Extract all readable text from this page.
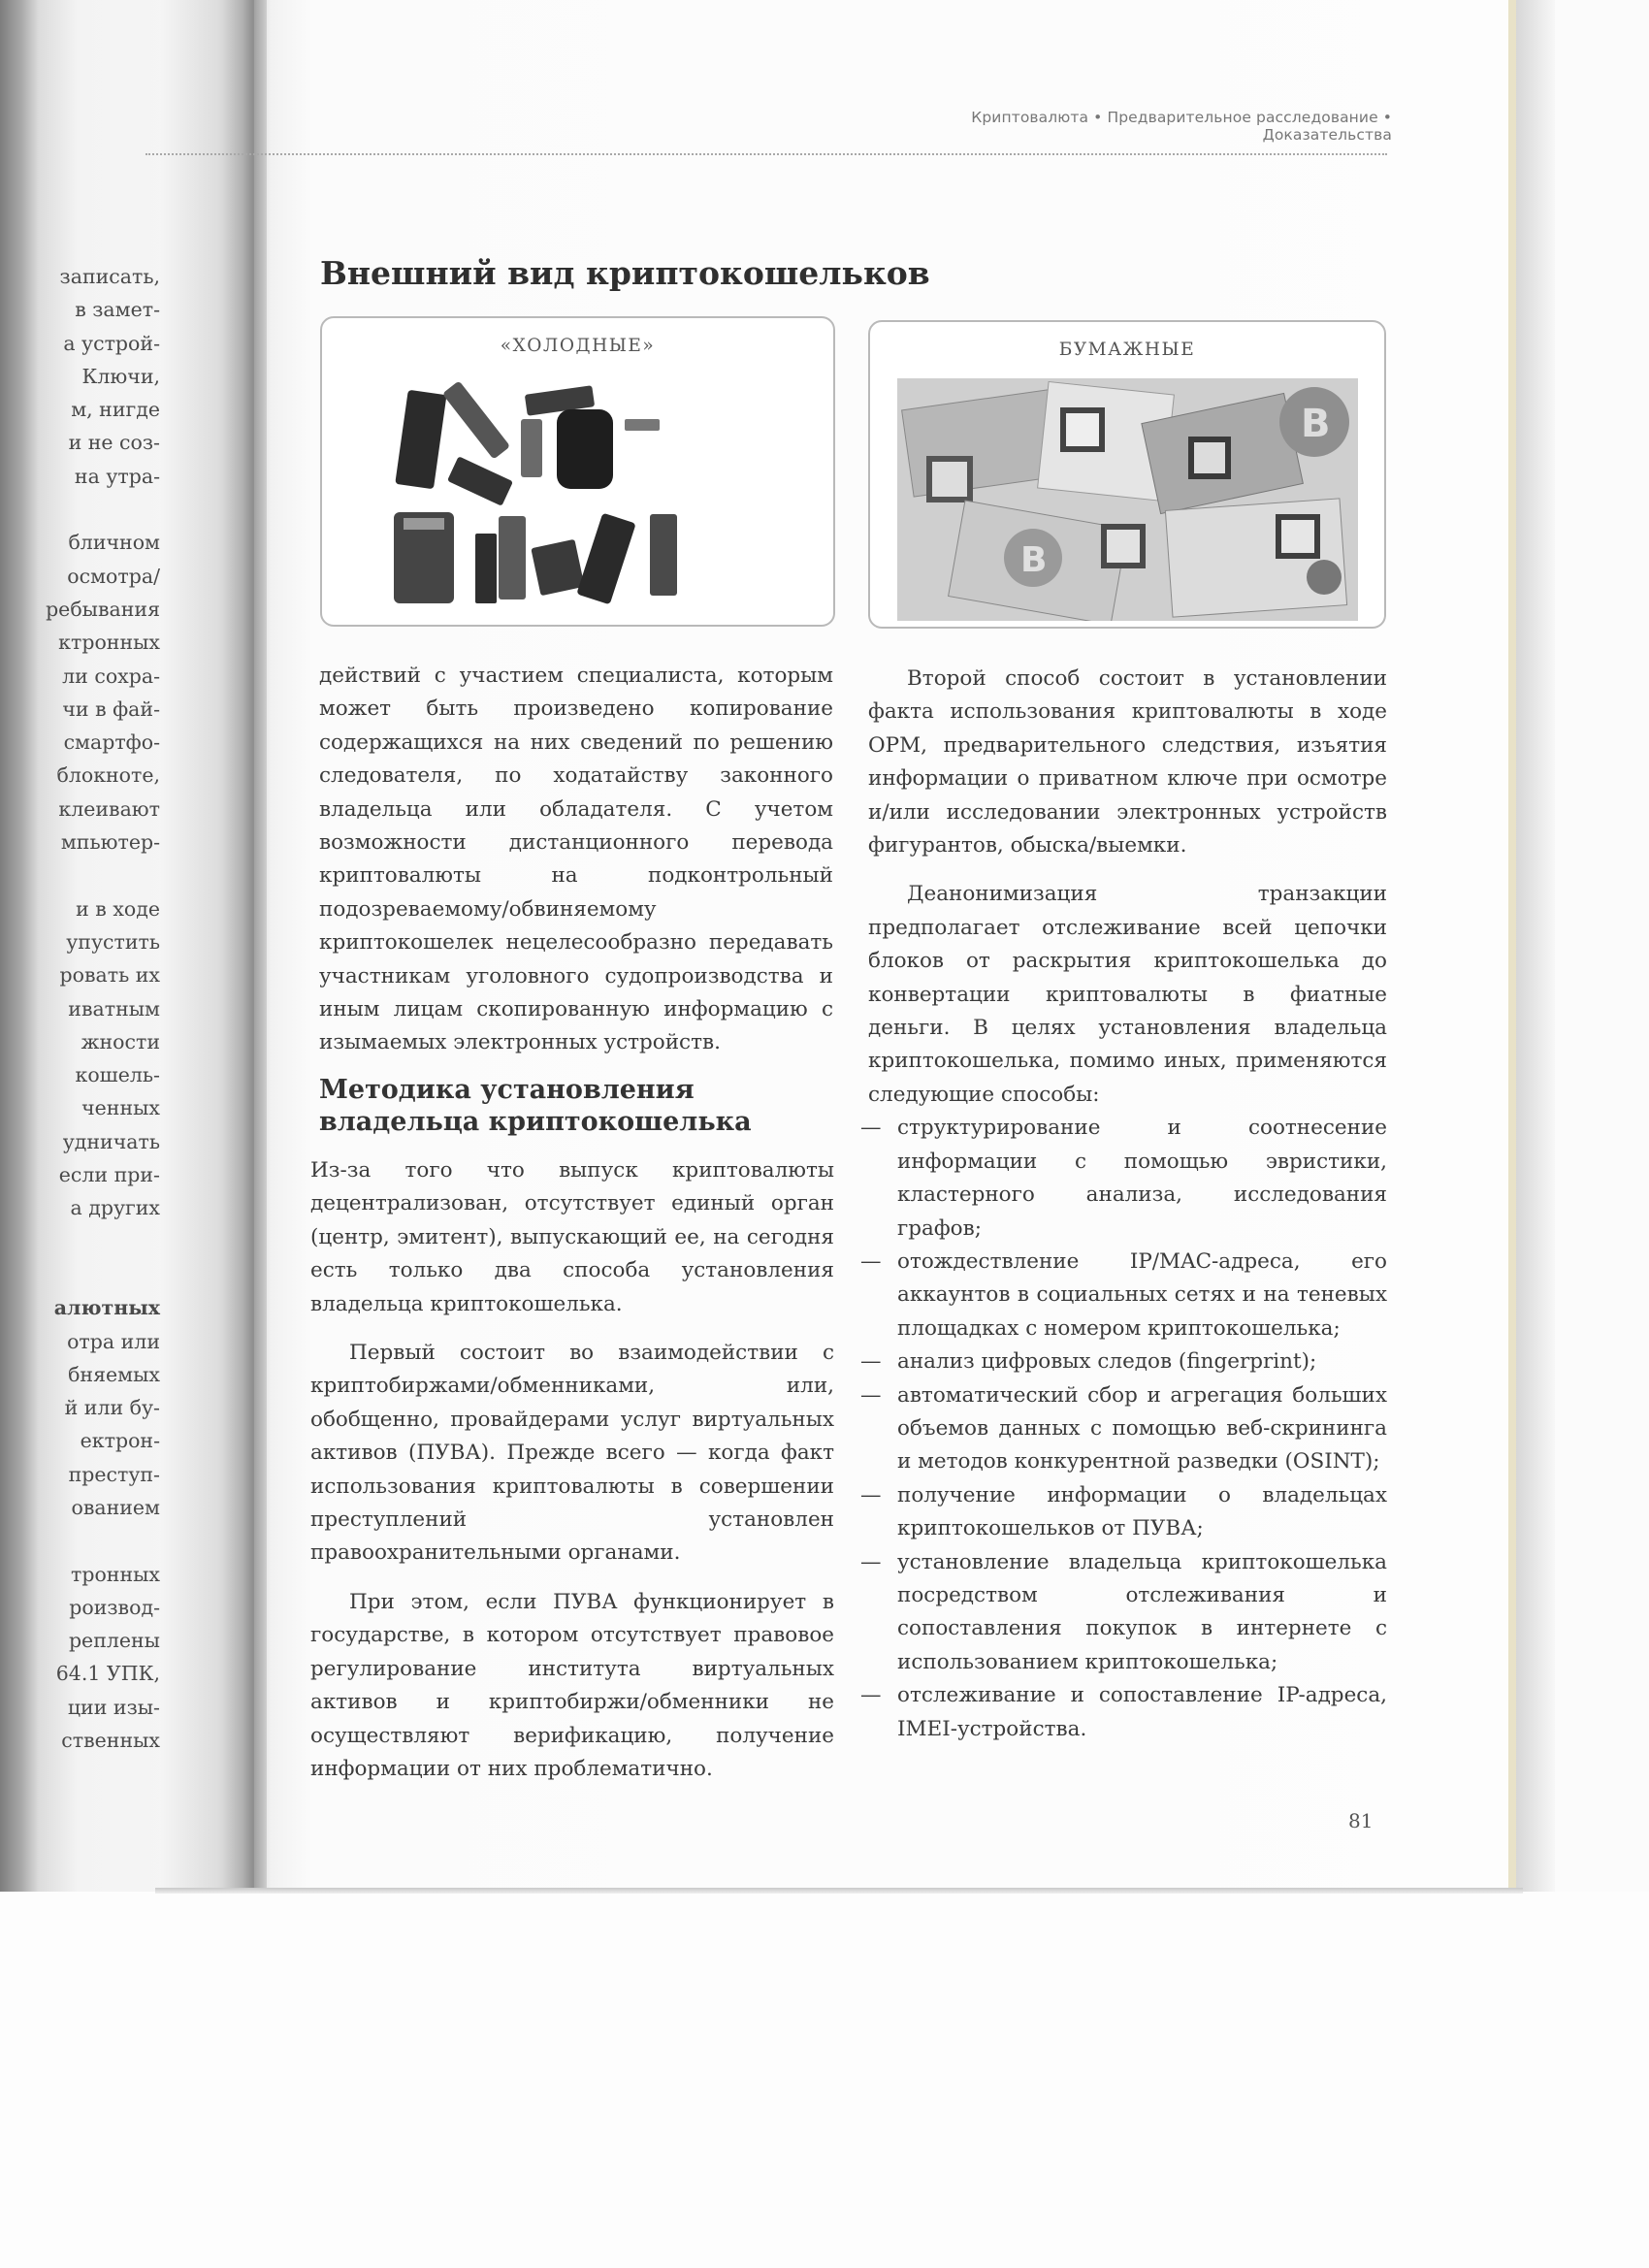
записать,
в замет-
а устрой-
Ключи,
м, нигде
и не соз-
на утра-
бличном
осмотра/
ребывания
ктронных
ли сохра-
чи в фай-
смартфо-
блокноте,
клеивают
мпьютер-
и в ходе
упустить
ровать их
иватным
жности
кошель-
ченных
удничать
если при-
а других
алютных
отра или
бняемых
й или бу-
ектрон-
преступ-
ованием
тронных
роизвод-
реплены
64.1 УПК,
ции изы-
ственных
Криптовалюта • Предварительное расследование • Доказательства
Внешний вид криптокошельков
«ХОЛОДНЫЕ»	БУМАЖНЫЕ
B
B

действий с участием специалиста, которым может быть произведено копирование содержащихся на них сведений по решению следователя, по ходатайству законного владельца или обладателя. С учетом возможности дистанционного перевода криптовалюты на подконтрольный подозреваемому/обвиняемому криптокошелек нецелесообразно передавать участникам уголовного судопроизводства и иным лицам скопированную информацию с изымаемых электронных устройств.

Методика установления владельца криптокошелька

Из-за того что выпуск криптовалюты децентрализован, отсутствует единый орган (центр, эмитент), выпускающий ее, на сегодня есть только два способа установления владельца криптокошелька.

Первый состоит во взаимодействии с криптобиржами/обменниками, или, обобщенно, провайдерами услуг виртуальных активов (ПУВА). Прежде всего — когда факт использования криптовалюты в совершении преступлений установлен правоохранительными органами.

При этом, если ПУВА функционирует в государстве, в котором отсутствует правовое регулирование института виртуальных активов и криптобиржи/обменники не осуществляют верификацию, получение информации от них проблематично.

Второй способ состоит в установлении факта использования криптовалюты в ходе ОРМ, предварительного следствия, изъятия информации о приватном ключе при осмотре и/или исследовании электронных устройств фигурантов, обыска/выемки.

Деанонимизация транзакции предполагает отслеживание всей цепочки блоков от раскрытия криптокошелька до конвертации криптовалюты в фиатные деньги. В целях установления владельца криптокошелька, помимо иных, применяются следующие способы:

— структурирование и соотнесение информации с помощью эвристики, кластерного анализа, исследования графов;
— отождествление IP/MAC-адреса, его аккаунтов в социальных сетях и на теневых площадках с номером криптокошелька;
— анализ цифровых следов (fingerprint);
— автоматический сбор и агрегация больших объемов данных с помощью веб-скрининга и методов конкурентной разведки (OSINT);
— получение информации о владельцах криптокошельков от ПУВА;
— установление владельца криптокошелька посредством отслеживания и сопоставления покупок в интернете с использованием криптокошелька;
— отслеживание и сопоставление IP-адреса, IMEI-устройства.
81
